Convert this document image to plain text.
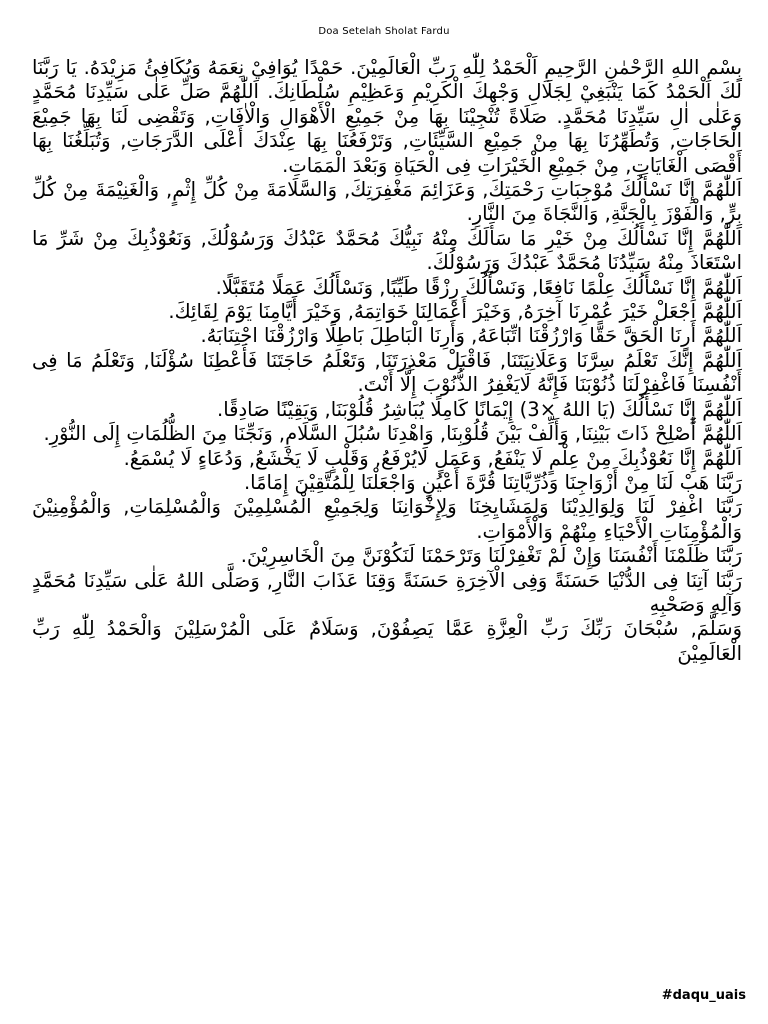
Doa Setelah Sholat Fardu

بِسْمِ اللهِ الرَّحْمٰنِ الرَّحِيمِ اَلْحَمْدُ لِلّٰهِ رَبِّ الْعَالَمِيْنَ. حَمْدًا يُوَافِيْ نِعَمَهُ وَيُكَافِئُ مَزِيْدَهُ. يَا رَبَّنَا لَكَ الْحَمْدُ كَمَا يَنْبَغِيْ لِجَلَالِ وَجْهِكَ الْكَرِيْمِ وَعَظِيْمِ سُلْطَانِكَ. اَللّٰهُمَّ صَلِّ عَلٰى سَيِّدِنَا مُحَمَّدٍ وَعَلٰى اٰلِ سَيِّدِنَا مُحَمَّدٍ. صَلَاةً تُنْجِيْنَا بِهَا مِنْ جَمِيْعِ الْأَهْوَالِ وَالْاٰفَاتِ, وَتَقْضِى لَنَا بِهَا جَمِيْعَ الْحَاجَاتِ, وَتُطَهِّرُنَا بِهَا مِنْ جَمِيْعِ السَّيِّئَاتِ, وَتَرْفَعُنَا بِهَا عِنْدَكَ أَعْلَى الدَّرَجَاتِ, وَتُبَلِّغُنَا بِهَا أَقْصَى الْغَايَاتِ, مِنْ جَمِيْعِ الْخَيْرَاتِ فِى الْحَيَاةِ وَبَعْدَ الْمَمَاتِ.

اَللّٰهُمَّ إِنَّا نَسْأَلُكَ مُوْجِبَاتِ رَحْمَتِكَ, وَعَزَائِمَ مَغْفِرَتِكَ, وَالسَّلَامَةَ مِنْ كُلِّ إِثْمٍ, وَالْغَنِيْمَةَ مِنْ كُلِّ بِرٍّ, وَالْفَوْزَ بِالْجَنَّةِ, وَالنَّجَاةَ مِنَ النَّارِ.

اَللّٰهُمَّ إِنَّا نَسْأَلُكَ مِنْ خَيْرِ مَا سَأَلَكَ مِنْهُ نَبِيُّكَ مُحَمَّدٌ عَبْدُكَ وَرَسُوْلُكَ, وَنَعُوْذُبِكَ مِنْ شَرِّ مَا اسْتَعَاذَ مِنْهُ سَيِّدُنَا مُحَمَّدٌ عَبْدُكَ وَرَسُوْلُكَ.

اَللّٰهُمَّ إِنَّا نَسْأَلُكَ عِلْمًا نَافِعًا, وَنَسْأَلُكَ رِزْقًا طَيِّبًا, وَنَسْأَلُكَ عَمَلًا مُتَقَبَّلًا.

اَللّٰهُمَّ اجْعَلْ خَيْرَ عُمْرِنَا آخِرَهُ, وَخَيْرَ أَعْمَالِنَا خَوَاتِمَهُ, وَخَيْرَ أَيَّامِنَا يَوْمَ لِقَائِكَ.

اَللّٰهُمَّ أَرِنَا الْحَقَّ حَقًّا وَارْزُقْنَا اتِّبَاعَهُ, وَأَرِنَا الْبَاطِلَ بَاطِلًا وَارْزُقْنَا اجْتِنَابَهُ.

اَللّٰهُمَّ إِنَّكَ تَعْلَمُ سِرَّنَا وَعَلَانِيَتَنَا, فَاقْبَلْ مَعْذِرَتَنَا, وَتَعْلَمُ حَاجَتَنَا فَأَعْطِنَا سُؤْلَنَا, وَتَعْلَمُ مَا فِى أَنْفُسِنَا فَاغْفِرْلَنَا ذُنُوْبَنَا فَإِنَّهُ لَايَغْفِرُ الذُّنُوْبَ إِلَّا أَنْتَ.

اَللّٰهُمَّ إِنَّا نَسْأَلُكَ (يَا اللهُ ×3) إِيْمَانًا كَامِلًا يُبَاشِرُ قُلُوْبَنَا, وَيَقِيْنًا صَادِقًا.

اَللّٰهُمَّ أَصْلِحْ ذَاتَ بَيْنِنَا, وَأَلِّفْ بَيْنَ قُلُوْبِنَا, وَاهْدِنَا سُبُلَ السَّلَامِ, وَنَجِّنَا مِنَ الظُّلُمَاتِ إِلَى النُّوْرِ.

اَللّٰهُمَّ إِنَّا نَعُوْذُبِكَ مِنْ عِلْمٍ لَا يَنْفَعُ, وَعَمَلٍ لَايُرْفَعُ, وَقَلْبٍ لَا يَخْشَعُ, وَدُعَاءٍ لَا يُسْمَعُ.

رَبَّنَا هَبْ لَنَا مِنْ أَزْوَاجِنَا وَذُرِّيَّاتِنَا قُرَّةَ أَعْيُنٍ وَاجْعَلْنَا لِلْمُتَّقِيْنَ إِمَامًا.

رَبَّنَا اغْفِرْ لَنَا وَلِوَالِدِيْنَا وَلِمَشَايِخِنَا وَلِإِخْوَانِنَا وَلِجَمِيْعِ الْمُسْلِمِيْنَ وَالْمُسْلِمَاتِ, وَالْمُؤْمِنِيْنَ وَالْمُؤْمِنَاتِ الْأَحْيَاءِ مِنْهُمْ وَالْأَمْوَاتِ.

رَبَّنَا ظَلَمْنَا أَنْفُسَنَا وَإِنْ لَمْ تَغْفِرْلَنَا وَتَرْحَمْنَا لَنَكُوْنَنَّ مِنَ الْخَاسِرِيْنَ.

رَبَّنَا آتِنَا فِى الدُّنْيَا حَسَنَةً وَفِى الْآخِرَةِ حَسَنَةً وَقِنَا عَذَابَ النَّارِ, وَصَلَّى اللهُ عَلٰى سَيِّدِنَا مُحَمَّدٍ وَآلِهِ وَصَحْبِهِ

وَسَلَّمَ, سُبْحَانَ رَبِّكَ رَبِّ الْعِزَّةِ عَمَّا يَصِفُوْنَ, وَسَلَامٌ عَلَى الْمُرْسَلِيْنَ وَالْحَمْدُ لِلّٰهِ رَبِّ الْعَالَمِيْنَ

#daqu_uais
